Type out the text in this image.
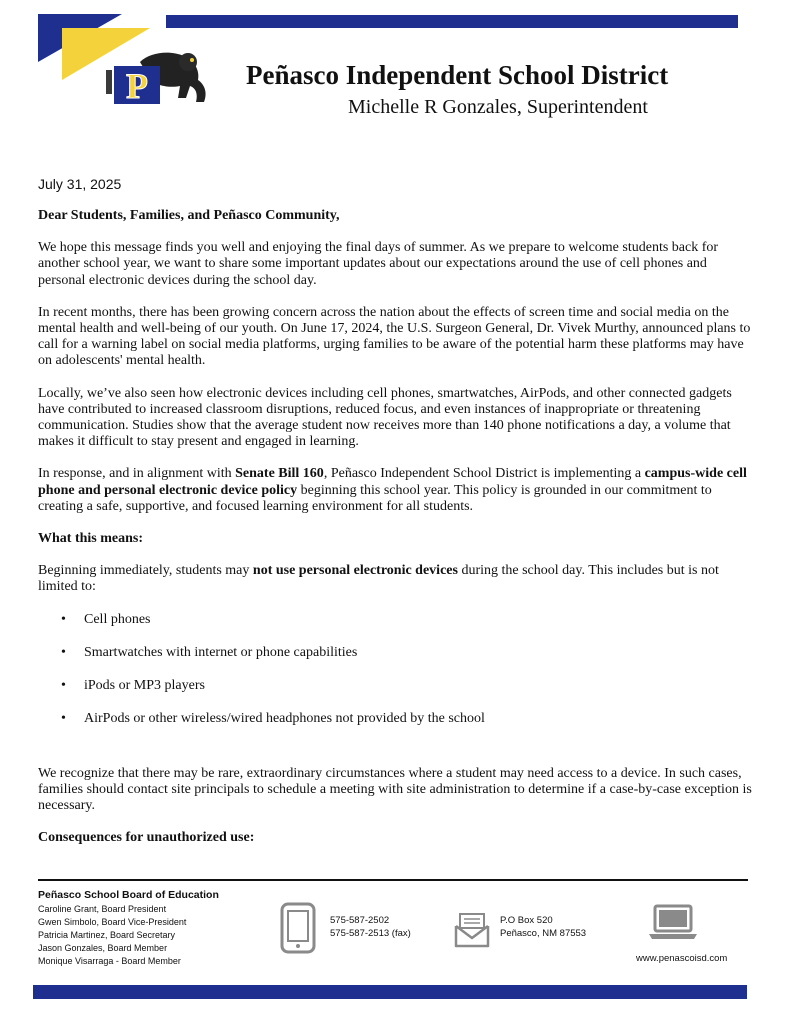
P	Peñasco Independent School District
Michelle R Gonzales, Superintendent
July 31, 2025

Dear Students, Families, and Peñasco Community,

We hope this message finds you well and enjoying the final days of summer. As we prepare to welcome students back for another school year, we want to share some important updates about our expectations around the use of cell phones and personal electronic devices during the school day.

In recent months, there has been growing concern across the nation about the effects of screen time and social media on the mental health and well-being of our youth. On June 17, 2024, the U.S. Surgeon General, Dr. Vivek Murthy, announced plans to call for a warning label on social media platforms, urging families to be aware of the potential harm these platforms may have on adolescents' mental health.

Locally, we’ve also seen how electronic devices including cell phones, smartwatches, AirPods, and other connected gadgets have contributed to increased classroom disruptions, reduced focus, and even instances of inappropriate or threatening communication. Studies show that the average student now receives more than 140 phone notifications a day, a volume that makes it difficult to stay present and engaged in learning.

In response, and in alignment with Senate Bill 160, Peñasco Independent School District is implementing a campus-wide cell phone and personal electronic device policy beginning this school year. This policy is grounded in our commitment to creating a safe, supportive, and focused learning environment for all students.

What this means:

Beginning immediately, students may not use personal electronic devices during the school day. This includes but is not limited to:

• Cell phones
• Smartwatches with internet or phone capabilities
• iPods or MP3 players
• AirPods or other wireless/wired headphones not provided by the school

We recognize that there may be rare, extraordinary circumstances where a student may need access to a device. In such cases, families should contact site principals to schedule a meeting with site administration to determine if a case-by-case exception is necessary.

Consequences for unauthorized use:

Peñasco School Board of Education
Caroline Grant, Board President
Gwen Simbolo, Board Vice-President
Patricia Martinez, Board Secretary
Jason Gonzales, Board Member
Monique Visarraga - Board Member
575-587-2502
575-587-2513 (fax)
P.O Box 520
Peñasco, NM 87553
www.penascoisd.com
